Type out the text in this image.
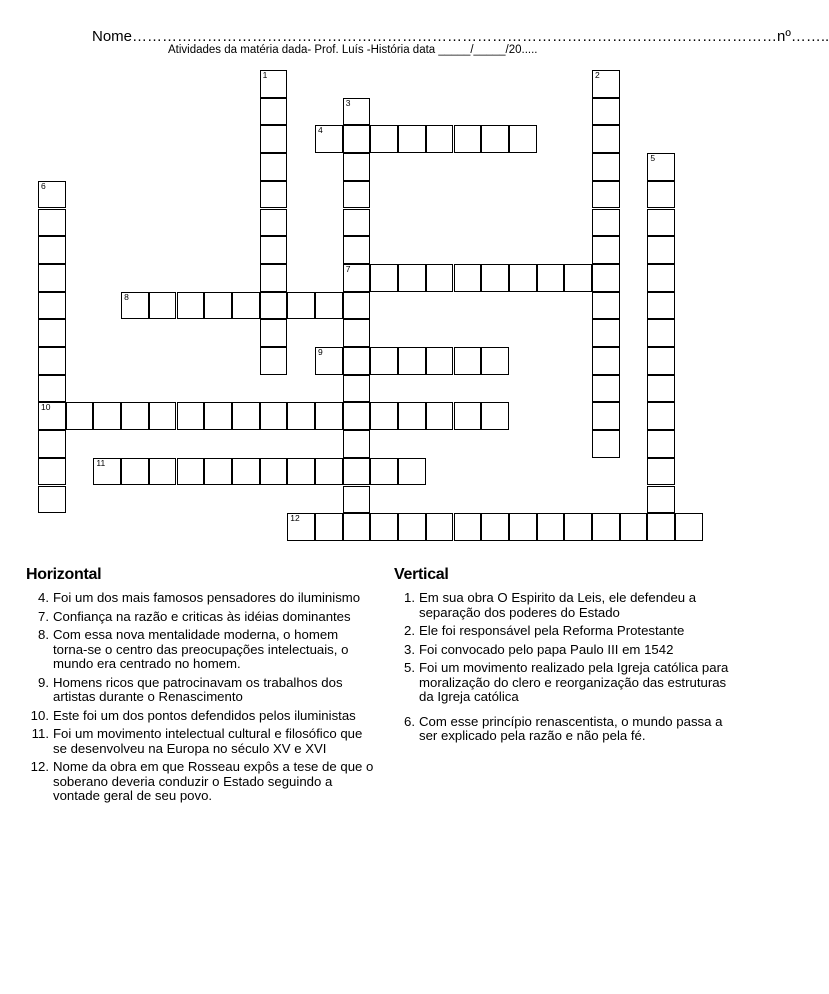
Nome…………………………………………………………………………………………………………………nº……..
Atividades da matéria dada- Prof. Luís -História data _____/_____/20.....
1	2
3
7
4
5
6
10
8
9
11
12
Horizontal
4. Foi um dos mais famosos pensadores do iluminismo
7. Confiança na razão e criticas às idéias dominantes
8. Com essa nova mentalidade moderna, o homem torna-se o centro das preocupações intelectuais, o mundo era centrado no homem.
9. Homens ricos que patrocinavam os trabalhos dos artistas durante o Renascimento
10. Este foi um dos pontos defendidos pelos iluministas
11. Foi um movimento intelectual cultural e filosófico que se desenvolveu na Europa no século XV e XVI
12. Nome da obra em que Rosseau expôs a tese de que o soberano deveria conduzir o Estado seguindo a vontade geral de seu povo.
Vertical
1. Em sua obra O Espirito da Leis, ele defendeu a separação dos poderes do Estado
2. Ele foi responsável pela Reforma Protestante
3. Foi convocado pelo papa Paulo III em 1542
5. Foi um movimento realizado pela Igreja católica para moralização do clero e reorganização das estruturas da Igreja católica
6. Com esse princípio renascentista, o mundo passa a ser explicado pela razão e não pela fé.
